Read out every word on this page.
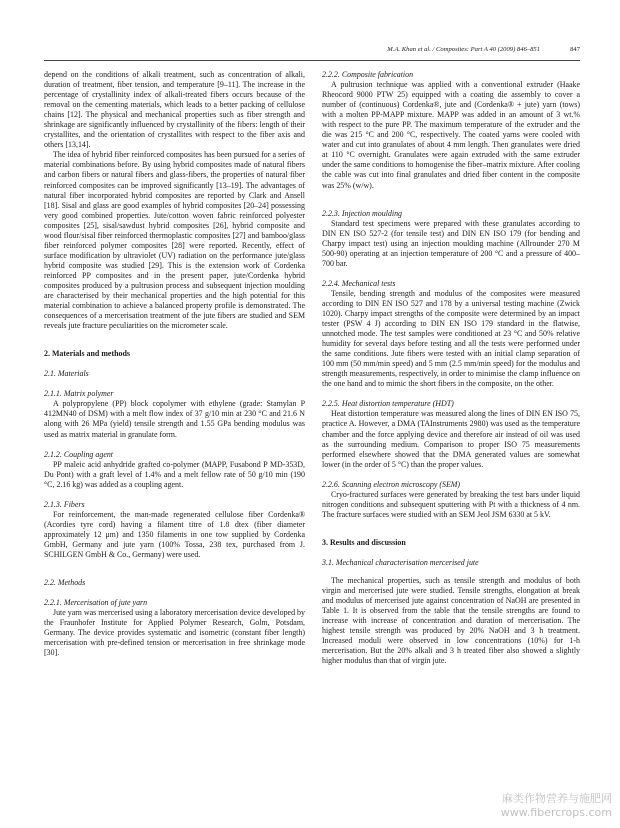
M.A. Khan et al. / Composites: Part A 40 (2009) 846–851	847

depend on the conditions of alkali treatment, such as concentration of alkali, duration of treatment, fiber tension, and temperature [9–11]. The increase in the percentage of crystallinity index of alkali-treated fibers occurs because of the removal on the cementing materials, which leads to a better packing of cellulose chains [12]. The physical and mechanical properties such as fiber strength and shrinkage are significantly influenced by crystallinity of the fibers: length of their crystallites, and the orientation of crystallites with respect to the fiber axis and others [13,14].

The idea of hybrid fiber reinforced composites has been pursued for a series of material combinations before. By using hybrid composites made of natural fibers and carbon fibers or natural fibers and glass-fibers, the properties of natural fiber reinforced composites can be improved significantly [13–19]. The advantages of natural fiber incorporated hybrid composites are reported by Clark and Ansell [18]. Sisal and glass are good examples of hybrid composites [20–24] possessing very good combined properties. Jute/cotton woven fabric reinforced polyester composites [25], sisal/sawdust hybrid composites [26], hybrid composite and wood flour/sisal fiber reinforced thermoplastic composites [27] and bamboo/glass fiber reinforced polymer composites [28] were reported. Recently, effect of surface modification by ultraviolet (UV) radiation on the performance jute/glass hybrid composite was studied [29]. This is the extension work of Cordenka reinforced PP composites and in the present paper, jute/Cordenka hybrid composites produced by a pultrusion process and subsequent injection moulding are characterised by their mechanical properties and the high potential for this material combination to achieve a balanced property profile is demonstrated. The consequences of a mercerisation treatment of the jute fibers are studied and SEM reveals jute fracture peculiarities on the micrometer scale.

2. Materials and methods
2.1. Materials
2.1.1. Matrix polymer

A polypropylene (PP) block copolymer with ethylene (grade: Stamylan P 412MN40 of DSM) with a melt flow index of 37 g/10 min at 230 °C and 21.6 N along with 26 MPa (yield) tensile strength and 1.55 GPa bending modulus was used as matrix material in granulate form.

2.1.2. Coupling agent

PP maleic acid anhydride grafted co-polymer (MAPP, Fusabond P MD-353D, Du Pont) with a graft level of 1.4% and a melt fellow rate of 50 g/10 min (190 °C, 2.16 kg) was added as a coupling agent.

2.1.3. Fibers

For reinforcement, the man-made regenerated cellulose fiber Cordenka® (Acordies tyre cord) having a filament titre of 1.8 dtex (fiber diameter approximately 12 μm) and 1350 filaments in one tow supplied by Cordenka GmbH, Germany and jute yarn (100% Tossa, 238 tex, purchased from J. SCHILGEN GmbH & Co., Germany) were used.

2.2. Methods
2.2.1. Mercerisation of jute yarn

Jute yarn was mercerised using a laboratory mercerisation device developed by the Fraunhofer Institute for Applied Polymer Research, Golm, Potsdam, Germany. The device provides systematic and isometric (constant fiber length) mercerisation with pre-defined tension or mercerisation in free shrinkage mode [30].

2.2.2. Composite fabrication

A pultrusion technique was applied with a conventional extruder (Haake Rheocord 9000 PTW 25) equipped with a coating die assembly to cover a number of (continuous) Cordenka®, jute and (Cordenka® + jute) yarn (tows) with a molten PP-MAPP mixture. MAPP was added in an amount of 3 wt.% with respect to the pure PP. The maximum temperature of the extruder and the die was 215 °C and 200 °C, respectively. The coated yarns were cooled with water and cut into granulates of about 4 mm length. Then granulates were dried at 110 °C overnight. Granulates were again extruded with the same extruder under the same conditions to homogenise the fiber–matrix mixture. After cooling the cable was cut into final granulates and dried fiber content in the composite was 25% (w/w).

2.2.3. Injection moulding

Standard test specimens were prepared with these granulates according to DIN EN ISO 527-2 (for tensile test) and DIN EN ISO 179 (for bending and Charpy impact test) using an injection moulding machine (Allrounder 270 M 500-90) operating at an injection temperature of 200 °C and a pressure of 400–700 bar.

2.2.4. Mechanical tests

Tensile, bending strength and modulus of the composites were measured according to DIN EN ISO 527 and 178 by a universal testing machine (Zwick 1020). Charpy impact strengths of the composite were determined by an impact tester (PSW 4 J) according to DIN EN ISO 179 standard in the flatwise, unnotched mode. The test samples were conditioned at 23 °C and 50% relative humidity for several days before testing and all the tests were performed under the same conditions. Jute fibers were tested with an initial clamp separation of 100 mm (50 mm/min speed) and 5 mm (2.5 mm/min speed) for the modulus and strength measurements, respectively, in order to minimise the clamp influence on the one hand and to mimic the short fibers in the composite, on the other.

2.2.5. Heat distortion temperature (HDT)

Heat distortion temperature was measured along the lines of DIN EN ISO 75, practice A. However, a DMA (TAInstruments 2980) was used as the temperature chamber and the force applying device and therefore air instead of oil was used as the surrounding medium. Comparison to proper ISO 75 measurements performed elsewhere showed that the DMA generated values are somewhat lower (in the order of 5 °C) than the proper values.

2.2.6. Scanning electron microscopy (SEM)

Cryo-fractured surfaces were generated by breaking the test bars under liquid nitrogen conditions and subsequent sputtering with Pt with a thickness of 4 nm. The fracture surfaces were studied with an SEM Jeol JSM 6330 at 5 kV.

3. Results and discussion
3.1. Mechanical characterisation mercerised jute

The mechanical properties, such as tensile strength and modulus of both virgin and mercerised jute were studied. Tensile strengths, elongation at break and modulus of mercerised jute against concentration of NaOH are presented in Table 1. It is observed from the table that the tensile strengths are found to increase with increase of concentration and duration of mercerisation. The highest tensile strength was produced by 20% NaOH and 3 h treatment. Increased moduli were observed in low concentrations (10%) for 1-h mercerisation. But the 20% alkali and 3 h treated fiber also showed a slightly higher modulus than that of virgin jute.

麻类作物营养与施肥网
www.fibercrops.com
